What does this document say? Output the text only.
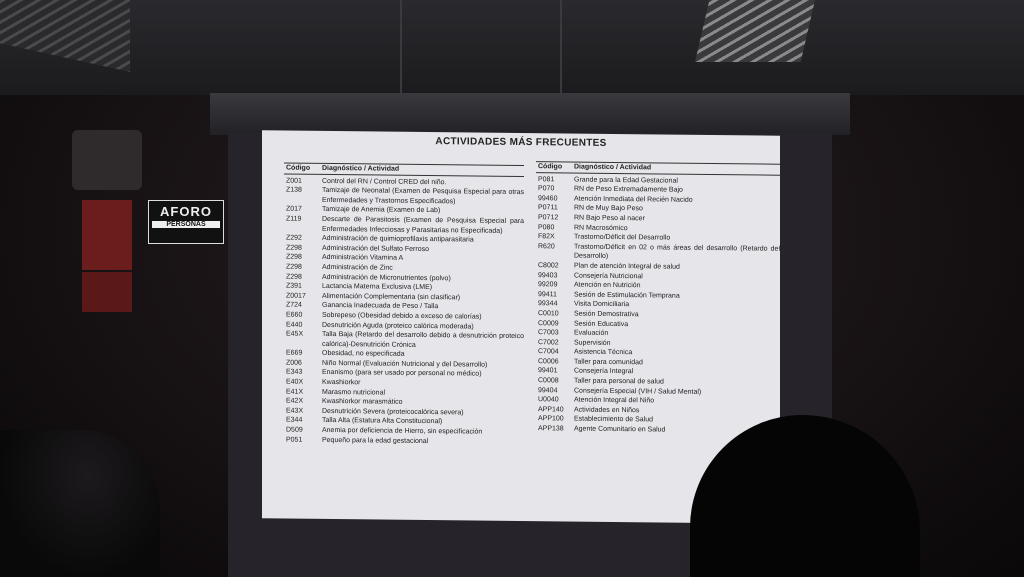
AFORO
PERSONAS
ACTIVIDADES MÁS FRECUENTES
Código	Diagnóstico / Actividad
Z001	Control del RN / Control CRED del niño.
Z138	Tamizaje de Neonatal (Examen de Pesquisa Especial para otras Enfermedades y Trastornos Especificados)
Z017	Tamizaje de Anemia (Examen de Lab)
Z119	Descarte de Parasitosis (Examen de Pesquisa Especial para Enfermedades Infecciosas y Parasitarias no Especificada)
Z292	Administración de quimioprofilaxis antiparasitaria
Z298	Administración del Sulfato Ferroso
Z298	Administración Vitamina A
Z298	Administración de Zinc
Z298	Administración de Micronutrientes (polvo)
Z391	Lactancia Materna Exclusiva (LME)
Z0017	Alimentación Complementaria (sin clasificar)
Z724	Ganancia Inadecuada de Peso / Talla
E660	Sobrepeso (Obesidad debido a exceso de calorías)
E440	Desnutrición Aguda (proteico calórica moderada)
E45X	Talla Baja (Retardo del desarrollo debido a desnutrición proteico calórica)-Desnutrición Crónica
E669	Obesidad, no especificada
Z006	Niño Normal (Evaluación Nutricional y del Desarrollo)
E343	Enanismo (para ser usado por personal no médico)
E40X	Kwashiorkor
E41X	Marasmo nutricional
E42X	Kwashiorkor marasmático
E43X	Desnutrición Severa (proteicocalórica severa)
E344	Talla Alta (Estatura Alta Constitucional)
D509	Anemia por deficiencia de Hierro, sin especificación
P051	Pequeño para la edad gestacional
Código	Diagnóstico / Actividad
P081	Grande para la Edad Gestacional
P070	RN de Peso Extremadamente Bajo
99460	Atención Inmediata del Recién Nacido
P0711	RN de Muy Bajo Peso
P0712	RN Bajo Peso al nacer
P080	RN Macrosómico
F82X	Trastorno/Déficit del Desarrollo
R620	Trastorno/Déficit en 02 o más áreas del desarrollo (Retardo del Desarrollo)
C8002	Plan de atención Integral de salud
99403	Consejería Nutricional
99209	Atención en Nutrición
99411	Sesión de Estimulación Temprana
99344	Visita Domiciliaria
C0010	Sesión Demostrativa
C0009	Sesión Educativa
C7003	Evaluación
C7002	Supervisión
C7004	Asistencia Técnica
C0006	Taller para comunidad
99401	Consejería Integral
C0008	Taller para personal de salud
99404	Consejería Especial (VIH / Salud Mental)
U0040	Atención Integral del Niño
APP140	Actividades en Niños
APP100	Establecimiento de Salud
APP138	Agente Comunitario en Salud
